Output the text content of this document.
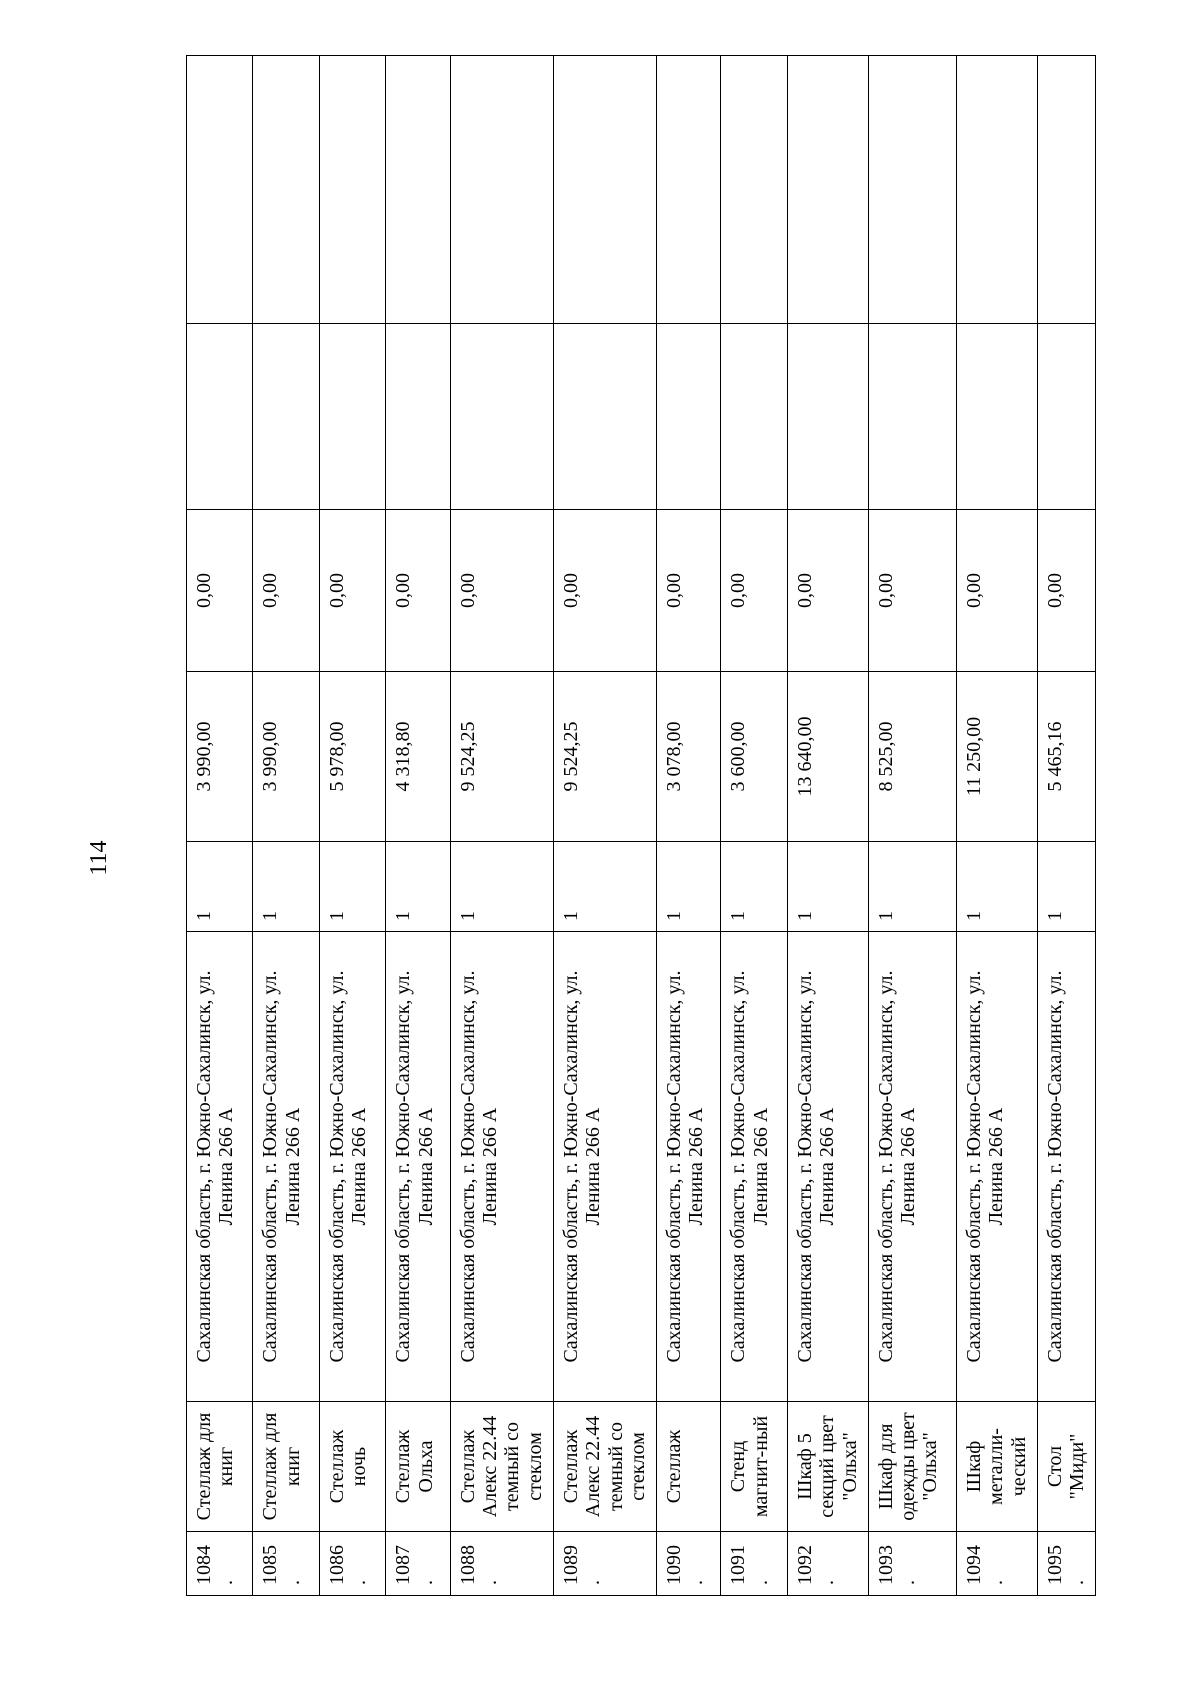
114
1084.	Стеллаж для книг	Сахалинская область, г. Южно-Сахалинск, ул. Ленина 266 А	1	3 990,00	0,00		
1085.	Стеллаж для книг	Сахалинская область, г. Южно-Сахалинск, ул. Ленина 266 А	1	3 990,00	0,00		
1086.	Стеллаж ночь	Сахалинская область, г. Южно-Сахалинск, ул. Ленина 266 А	1	5 978,00	0,00		
1087.	Стеллаж Ольха	Сахалинская область, г. Южно-Сахалинск, ул. Ленина 266 А	1	4 318,80	0,00		
1088.	Стеллаж Алекс 22.44 темный со стеклом	Сахалинская область, г. Южно-Сахалинск, ул. Ленина 266 А	1	9 524,25	0,00		
1089.	Стеллаж Алекс 22.44 темный со стеклом	Сахалинская область, г. Южно-Сахалинск, ул. Ленина 266 А	1	9 524,25	0,00		
1090.	Стеллаж	Сахалинская область, г. Южно-Сахалинск, ул. Ленина 266 А	1	3 078,00	0,00		
1091.	Стенд магнит-ный	Сахалинская область, г. Южно-Сахалинск, ул. Ленина 266 А	1	3 600,00	0,00		
1092.	Шкаф 5 секций цвет "Ольха"	Сахалинская область, г. Южно-Сахалинск, ул. Ленина 266 А	1	13 640,00	0,00		
1093.	Шкаф для одежды цвет "Ольха"	Сахалинская область, г. Южно-Сахалинск, ул. Ленина 266 А	1	8 525,00	0,00		
1094.	Шкаф металли-ческий	Сахалинская область, г. Южно-Сахалинск, ул. Ленина 266 А	1	11 250,00	0,00		
1095.	Стол "Миди"	Сахалинская область, г. Южно-Сахалинск, ул.	1	5 465,16	0,00		
